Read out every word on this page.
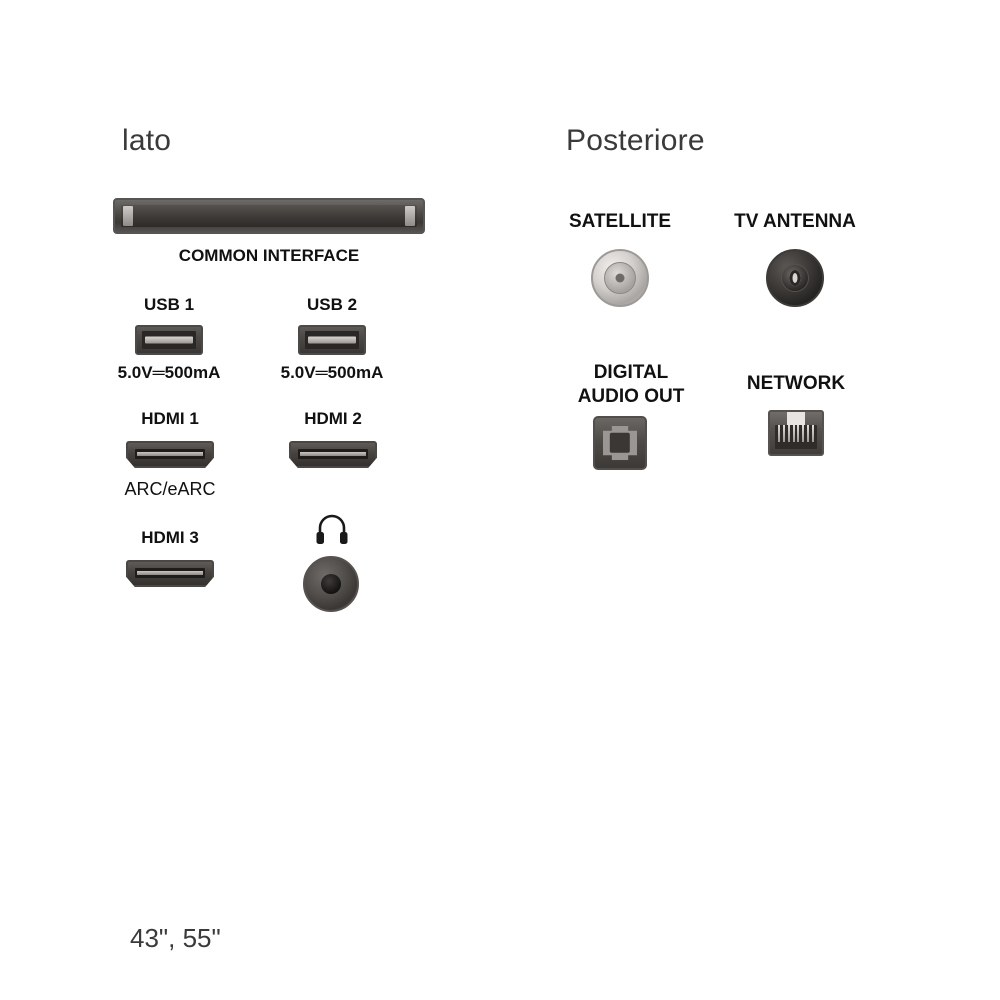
lato
COMMON INTERFACE
USB 1
5.0V═500mA
USB 2
5.0V═500mA
HDMI 1
ARC/eARC
HDMI 2
HDMI 3
Posteriore
SATELLITE	TV ANTENNA
DIGITAL
AUDIO OUT
NETWORK
43", 55"
